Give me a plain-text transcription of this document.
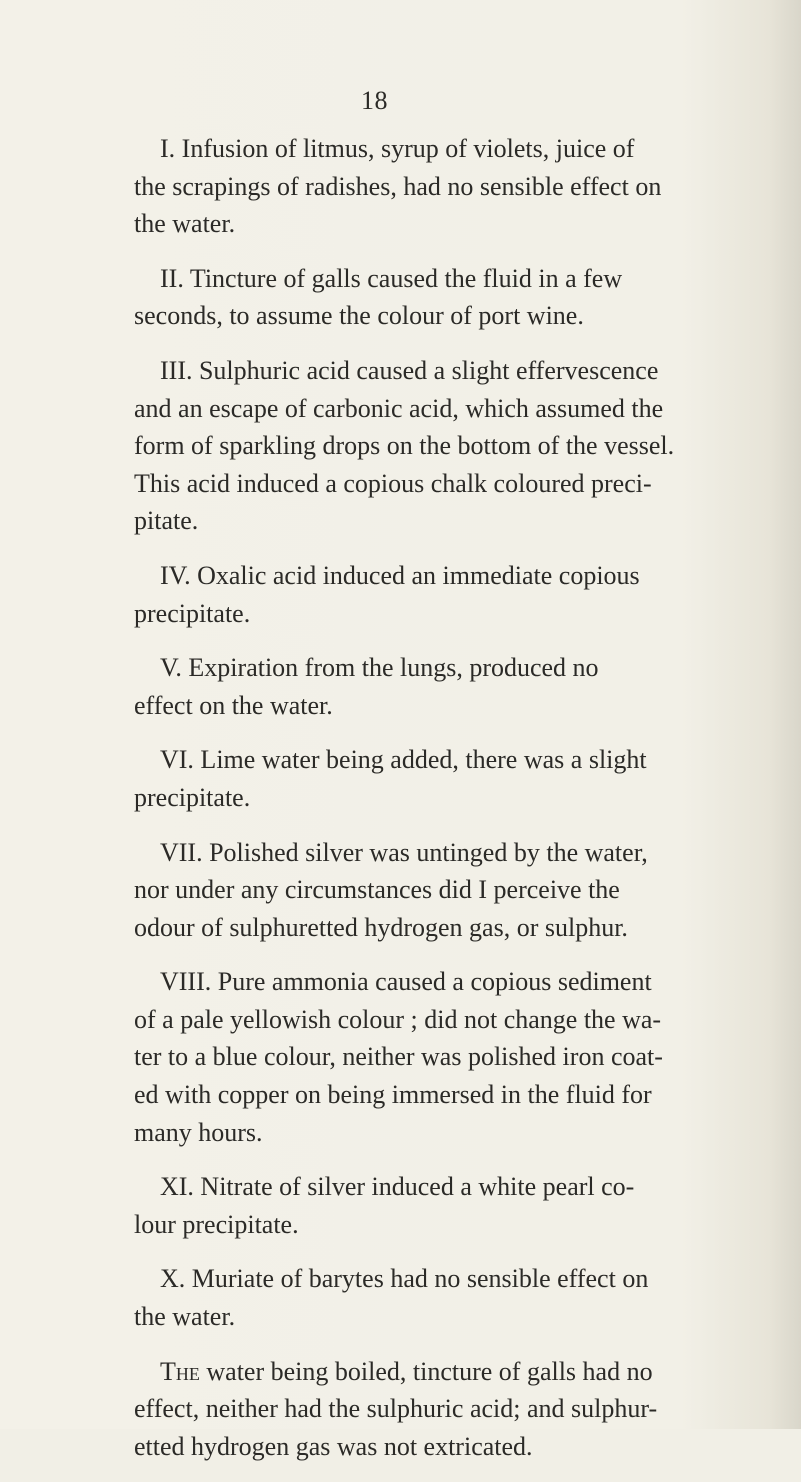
18

I. Infusion of litmus, syrup of violets, juice of
the scrapings of radishes, had no sensible effect on
the water.

II. Tincture of galls caused the fluid in a few
seconds, to assume the colour of port wine.

III. Sulphuric acid caused a slight effervescence
and an escape of carbonic acid, which assumed the
form of sparkling drops on the bottom of the vessel.
This acid induced a copious chalk coloured preci-
pitate.

IV. Oxalic acid induced an immediate copious
precipitate.

V. Expiration from the lungs, produced no
effect on the water.

VI. Lime water being added, there was a slight
precipitate.

VII. Polished silver was untinged by the water,
nor under any circumstances did I perceive the
odour of sulphuretted hydrogen gas, or sulphur.

VIII. Pure ammonia caused a copious sediment
of a pale yellowish colour ; did not change the wa-
ter to a blue colour, neither was polished iron coat-
ed with copper on being immersed in the fluid for
many hours.

XI. Nitrate of silver induced a white pearl co-
lour precipitate.

X. Muriate of barytes had no sensible effect on
the water.

The water being boiled, tincture of galls had no
effect, neither had the sulphuric acid; and sulphur-
etted hydrogen gas was not extricated.
